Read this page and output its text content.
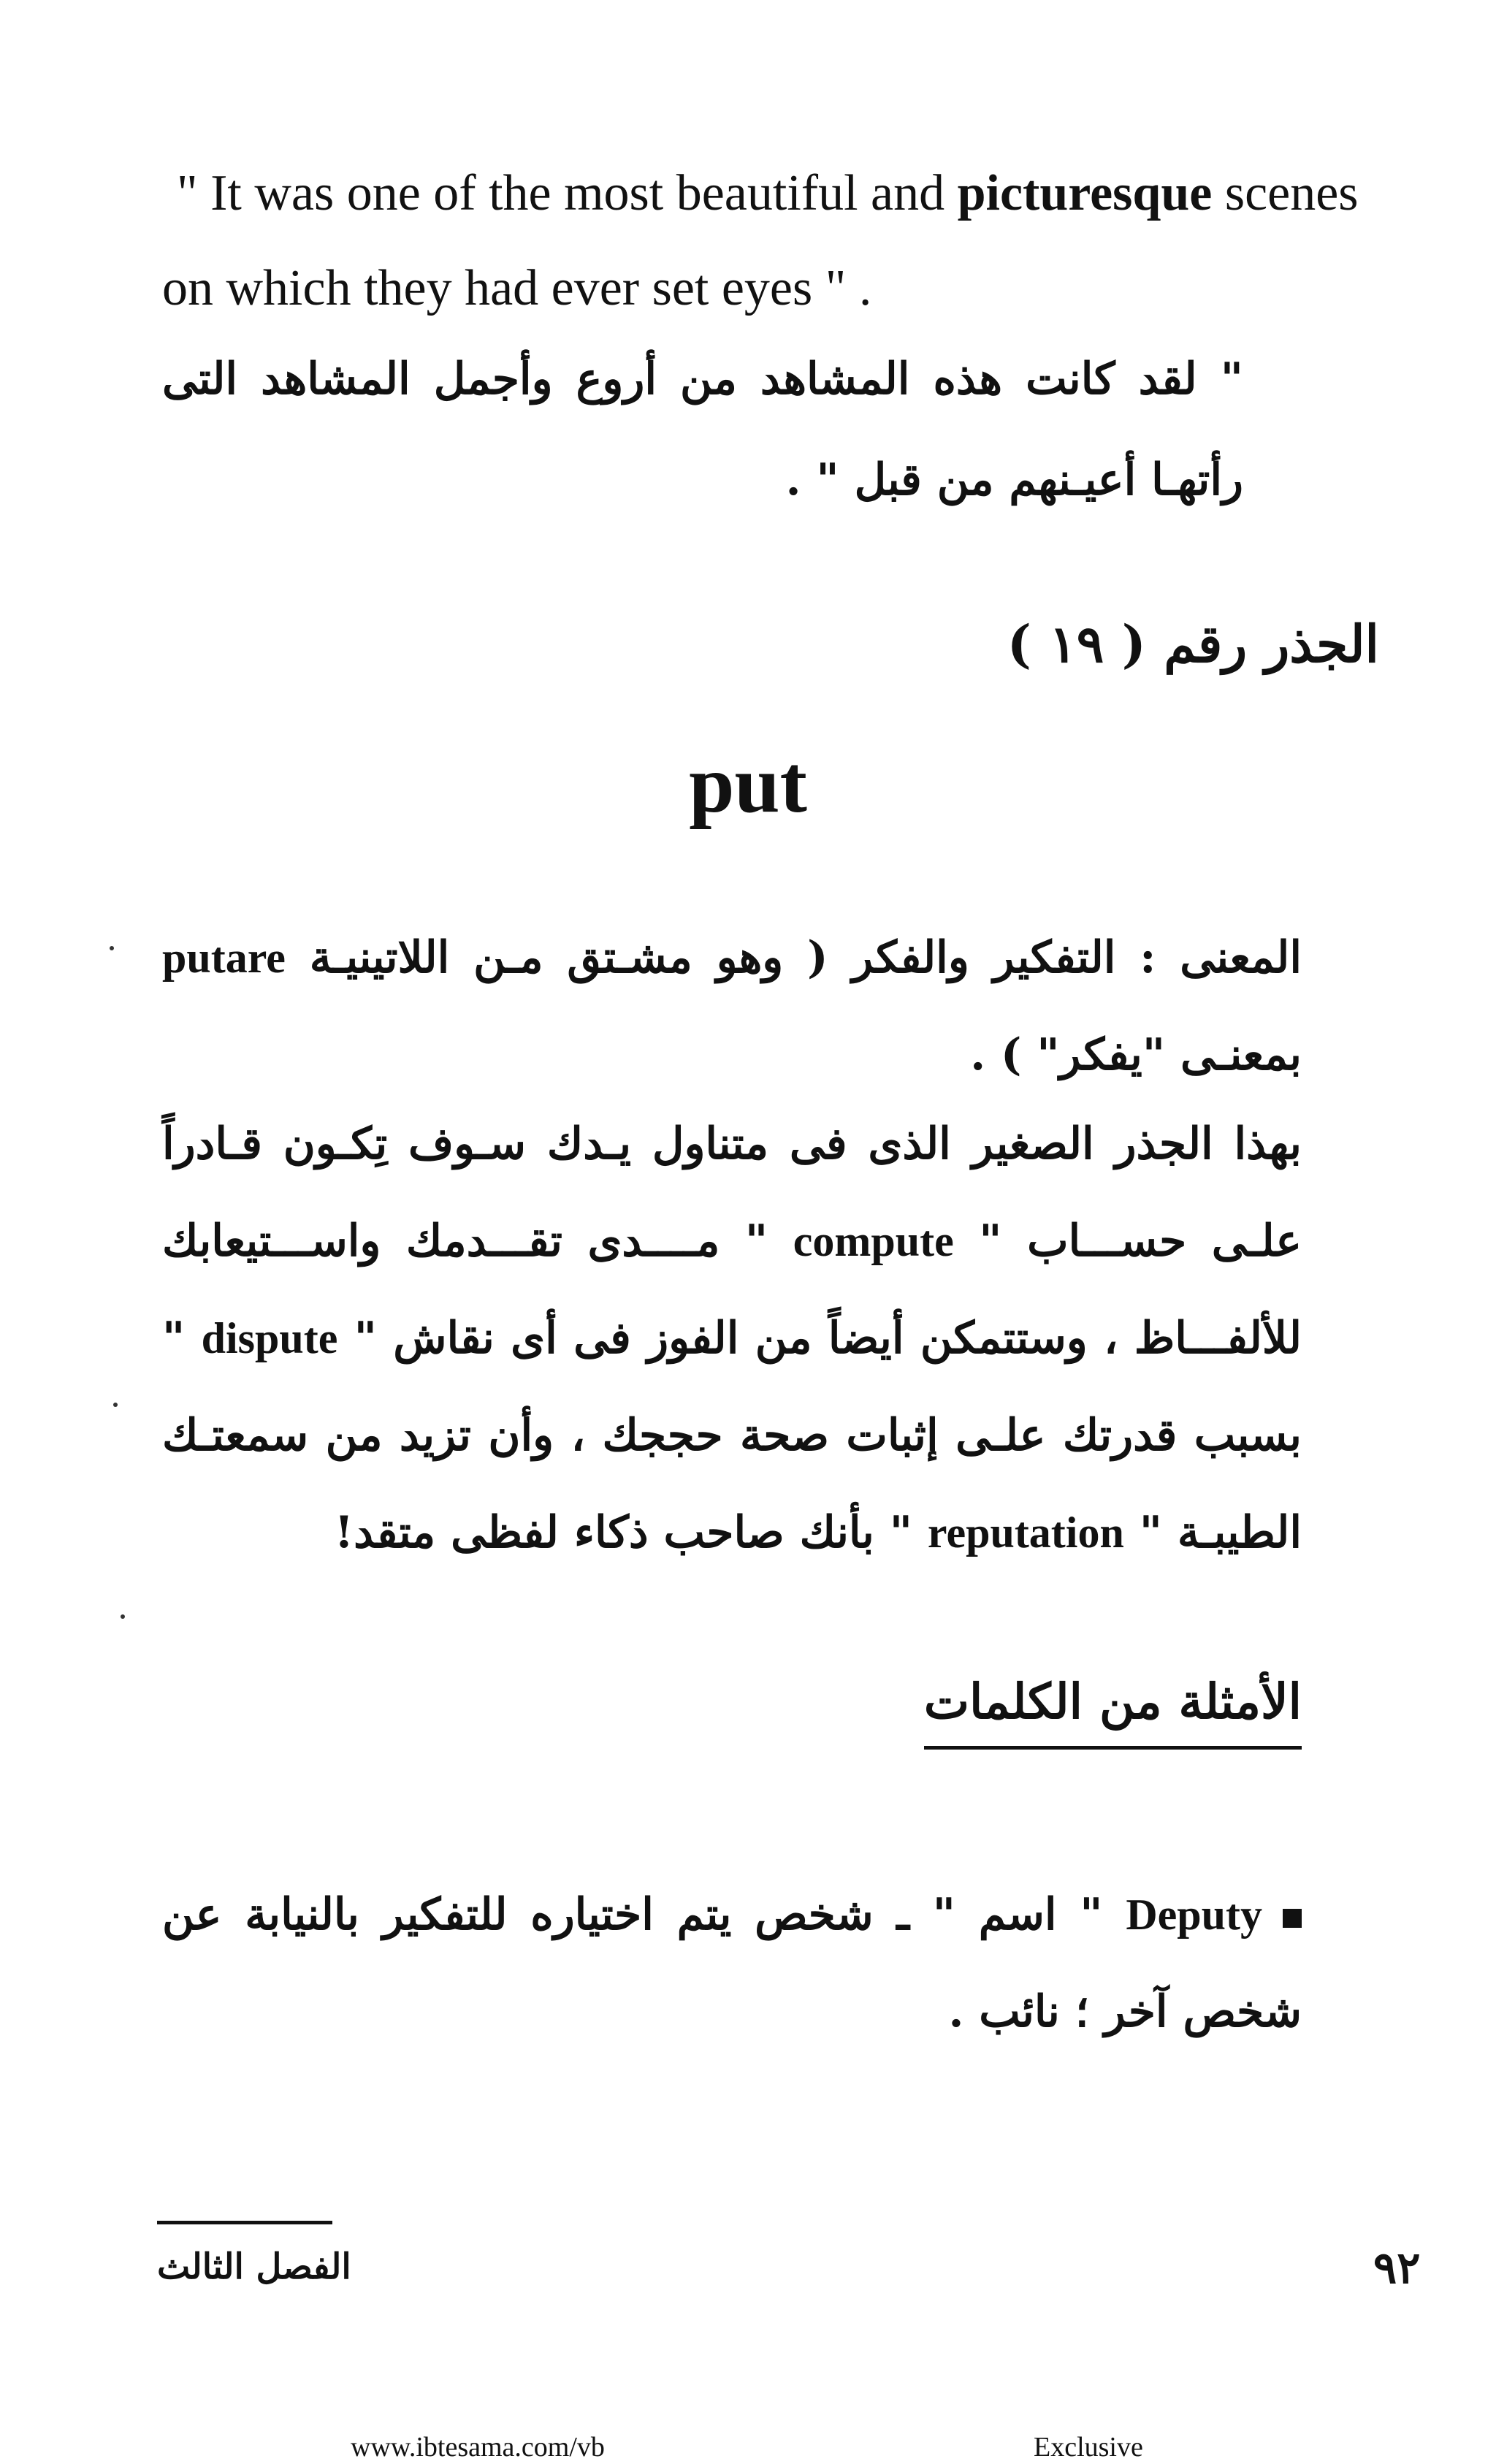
" It was one of the most beautiful and picturesque scenes
on which they had ever set eyes " .

" لقد كانت هذه المشاهد من أروع وأجمل المشاهد التى رأتهـا أعيـنهم من قبل " .

الجذر رقم ( ١٩ )
put

المعنى : التفكير والفكر ( وهو مشـتق مـن اللاتينيـة putare بمعنـى "يفكر" ) .

بهذا الجذر الصغير الذى فى متناول يـدك سـوف تِكـون قـادراً علـى حســـاب " compute " مــــدى تقـــدمك واســـتيعابك للألفـــاظ ، وستتمكن أيضاً من الفوز فى أى نقاش " dispute " بسبب قدرتك علـى إثبات صحة حججك ، وأن تزيد من سمعتـك الطيبـة " reputation " بأنك صاحب ذكاء لفظى متقد!

الأمثلة من الكلمات

Deputy " اسم " ـ شخص يتم اختياره للتفكير بالنيابة عن شخص آخر ؛ نائب .

الفصل الثالث	٩٢
www.ibtesama.com/vb	Exclusive
